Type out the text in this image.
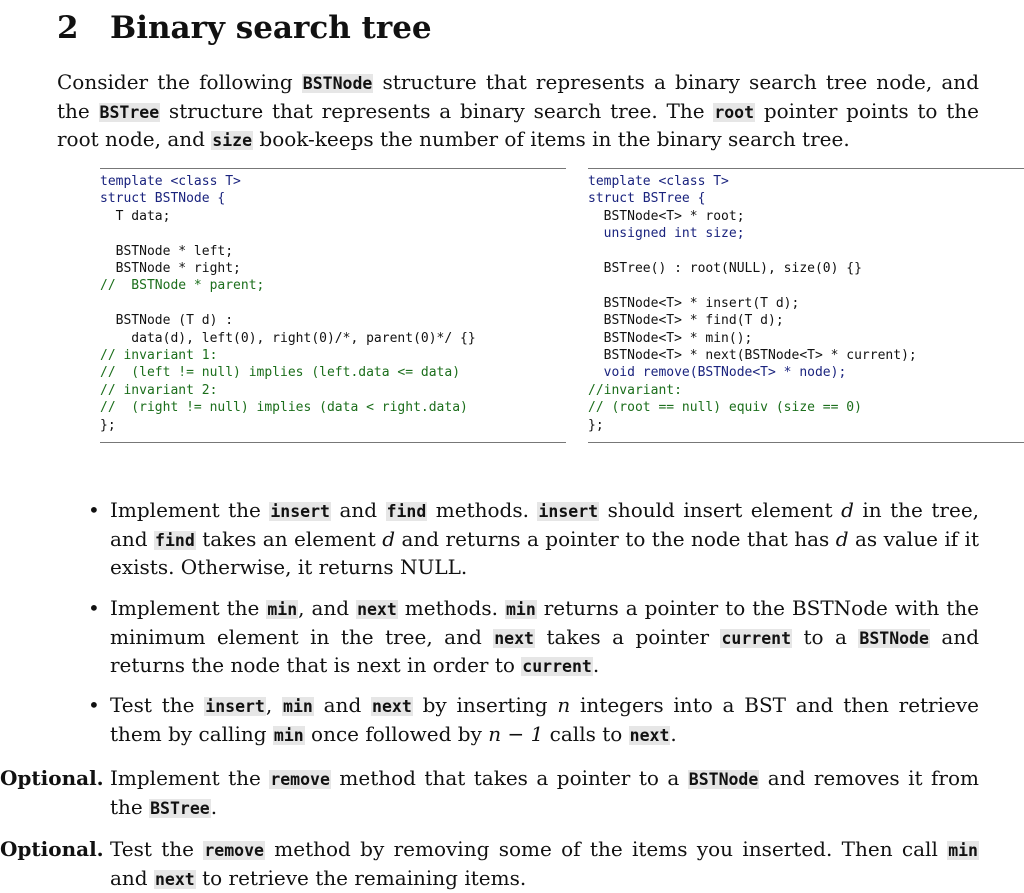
2 Binary search tree
Consider the following BSTNode structure that represents a binary search tree node, and the BSTree structure that represents a binary search tree. The root pointer points to the root node, and size book-keeps the number of items in the binary search tree.
template <class T>
struct BSTNode {
T data;

BSTNode * left;
BSTNode * right;
//  BSTNode * parent;

BSTNode (T d) :
data(d), left(0), right(0)/*, parent(0)*/ {}
// invariant 1:
//  (left != null) implies (left.data <= data)
// invariant 2:
//  (right != null) implies (data < right.data)
};
template <class T>
struct BSTree {
BSTNode<T> * root;
unsigned int size;

BSTree() : root(NULL), size(0) {}

BSTNode<T> * insert(T d);
BSTNode<T> * find(T d);
BSTNode<T> * min();
BSTNode<T> * next(BSTNode<T> * current);
void remove(BSTNode<T> * node);
//invariant:
// (root == null) equiv (size == 0)
};
• Implement the insert and find methods. insert should insert element d in the tree, and find takes an element d and returns a pointer to the node that has d as value if it exists. Otherwise, it returns NULL.
• Implement the min, and next methods. min returns a pointer to the BSTNode with the minimum element in the tree, and next takes a pointer current to a BSTNode and returns the node that is next in order to current.
• Test the insert, min and next by inserting n integers into a BST and then retrieve them by calling min once followed by n − 1 calls to next.
Optional. Implement the remove method that takes a pointer to a BSTNode and removes it from the BSTree.
Optional. Test the remove method by removing some of the items you inserted. Then call min and next to retrieve the remaining items.
